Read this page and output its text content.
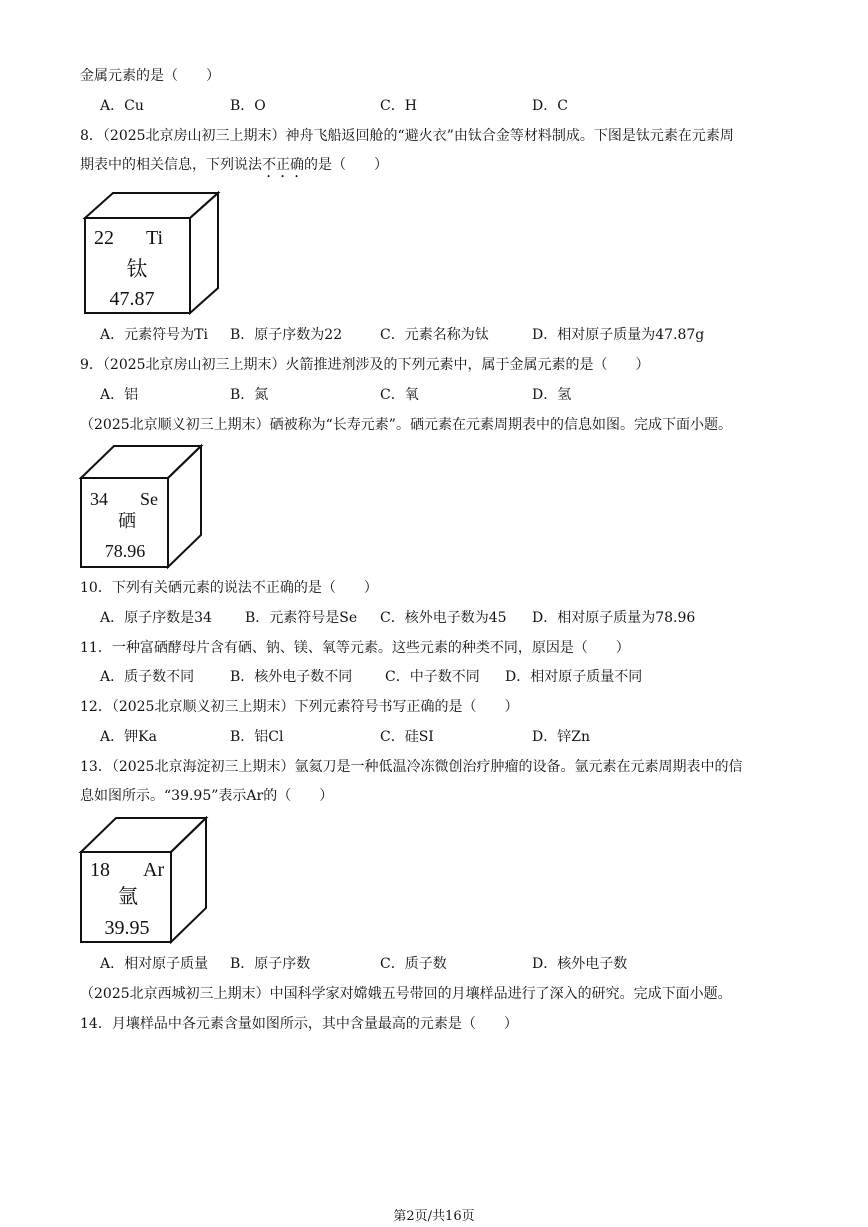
金属元素的是（　　）
A．Cu	B．O	C．H	D．C
8．（2025北京房山初三上期末）神舟飞船返回舱的“避火衣”由钛合金等材料制成。下图是钛元素在元素周
期表中的相关信息，下列说法不正确的是（　　）
22 Ti
钛
47.87
A．元素符号为Ti B．原子序数为22	C．元素名称为钛	D．相对原子质量为47.87g
9．（2025北京房山初三上期末）火箭推进剂涉及的下列元素中，属于金属元素的是（　　）
A．铝	B．氮	C．氧	D．氢
（2025北京顺义初三上期末）硒被称为“长寿元素”。硒元素在元素周期表中的信息如图。完成下面小题。
34 Se
硒
78.96
10．下列有关硒元素的说法不正确的是（　　）
A．原子序数是34 B．元素符号是Se C．核外电子数为45 D．相对原子质量为78.96
11．一种富硒酵母片含有硒、钠、镁、氧等元素。这些元素的种类不同，原因是（　　）
A．质子数不同	B．核外电子数不同 C．中子数不同 D．相对原子质量不同
12．（2025北京顺义初三上期末）下列元素符号书写正确的是（　　）
A．钾Ka	B．铝Cl	C．硅SI	D．锌Zn
13．（2025北京海淀初三上期末）氩氦刀是一种低温冷冻微创治疗肿瘤的设备。氩元素在元素周期表中的信
息如图所示。“39.95”表示Ar的（　　）
18 Ar
氩
39.95
A．相对原子质量 B．原子序数	C．质子数	D．核外电子数
（2025北京西城初三上期末）中国科学家对嫦娥五号带回的月壤样品进行了深入的研究。完成下面小题。
14．月壤样品中各元素含量如图所示，其中含量最高的元素是（　　）
第2页/共16页
